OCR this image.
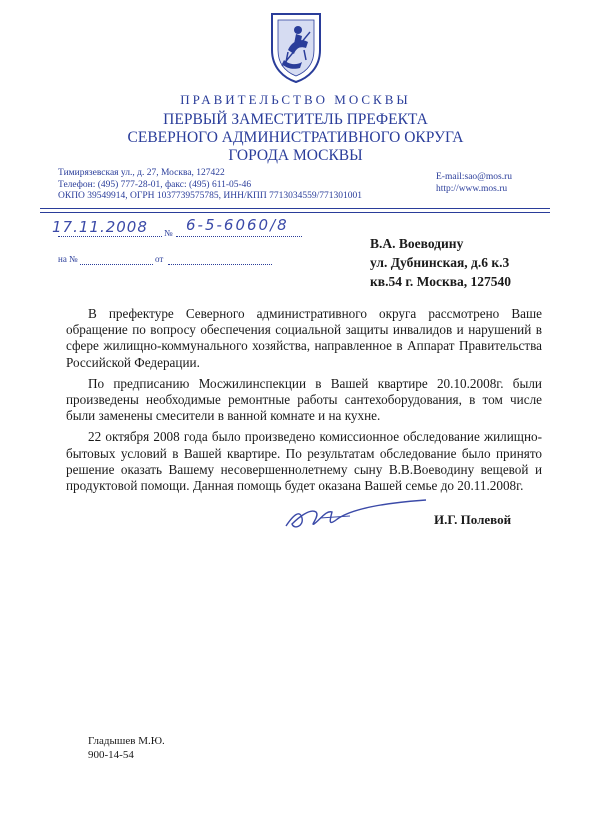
ПРАВИТЕЛЬСТВО МОСКВЫ
ПЕРВЫЙ ЗАМЕСТИТЕЛЬ ПРЕФЕКТА
СЕВЕРНОГО АДМИНИСТРАТИВНОГО ОКРУГА
ГОРОДА МОСКВЫ
Тимирязевская ул., д. 27, Москва, 127422
Телефон: (495) 777-28-01, факс: (495) 611-05-46
ОКПО 39549914, ОГРН 1037739575785, ИНН/КПП 7713034559/771301001
E-mail:sao@mos.ru
http://www.mos.ru
17.11.2008 № 6-5-6060/8
на №	от
В.А. Воеводину
ул. Дубнинская, д.6 к.3
кв.54 г. Москва, 127540

В префектуре Северного административного округа рассмотрено Ваше обращение по вопросу обеспечения социальной защиты инвалидов и нарушений в сфере жилищно-коммунального хозяйства, направленное в Аппарат Правительства Российской Федерации.

По предписанию Мосжилинспекции в Вашей квартире 20.10.2008г. были произведены необходимые ремонтные работы сантехоборудования, в том числе были заменены смесители в ванной комнате и на кухне.

22 октября 2008 года было произведено комиссионное обследование жилищно-бытовых условий в Вашей квартире. По результатам обследование было принято решение оказать Вашему несовершеннолетнему сыну В.В.Воеводину вещевой и продуктовой помощи. Данная помощь будет оказана Вашей семье до 20.11.2008г.

И.Г. Полевой
Гладышев М.Ю.
900-14-54
